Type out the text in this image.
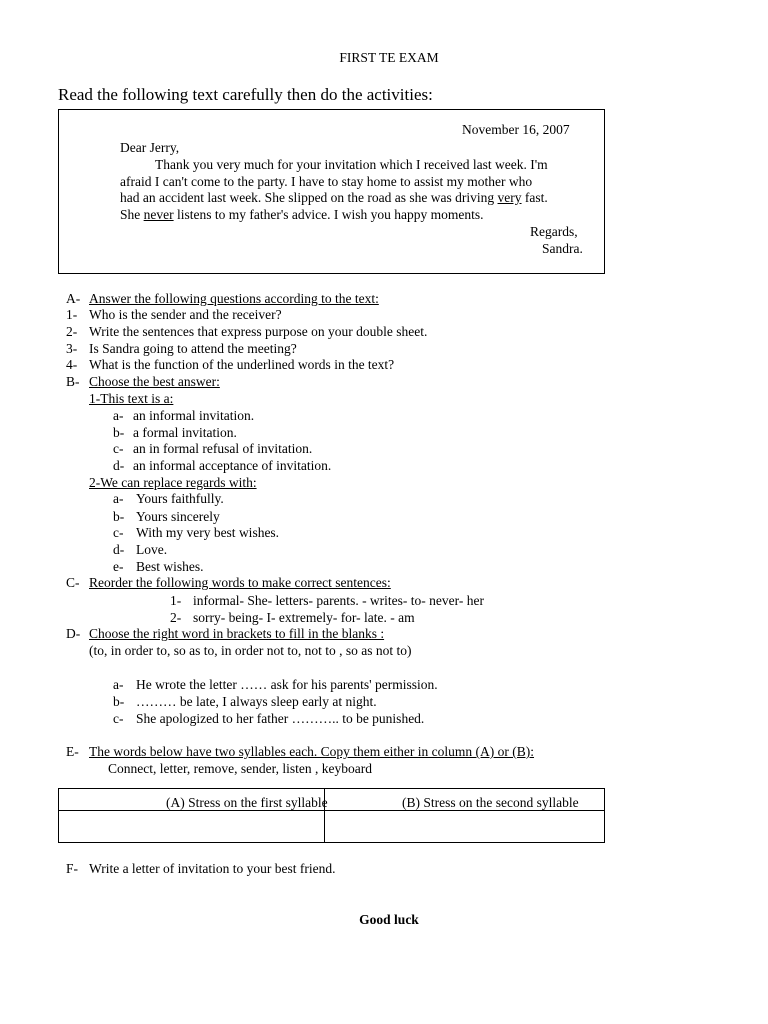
FIRST TE EXAM
Read the following text carefully then do the activities:
November 16, 2007
Dear Jerry,
Thank you very much for your invitation which I received last week. I'm
afraid I can't come to the party. I have to stay home to assist my mother who
had an accident last week. She slipped on the road as she was driving very fast.
She never listens to my father's advice. I wish you happy moments.
Regards,
Sandra.
A- Answer the following questions according to the text:
1- Who is the sender and the receiver?
2- Write the sentences that express purpose on your double sheet.
3- Is Sandra going to attend the meeting?
4- What is the function of the underlined words in the text?
B- Choose the best answer:
1-This text is a:
a- an informal invitation.
b- a formal invitation.
c- an in formal refusal of invitation.
d- an informal acceptance of invitation.
2-We can replace regards with:
a- Yours faithfully.
b- Yours sincerely
c- With my very best wishes.
d- Love.
e- Best wishes.
C- Reorder the following words to make correct sentences:
1- informal- She- letters- parents. - writes- to- never- her
2- sorry- being- I- extremely- for- late. - am
D- Choose the right word in brackets to fill in the blanks :
(to, in order to, so as to, in order not to, not to , so as not to)
a- He wrote the letter …… ask for his parents' permission.
b- ……… be late, I always sleep early at night.
c- She apologized to her father ……….. to be punished.
E- The words below have two syllables each. Copy them either in column (A) or (B):
Connect, letter, remove, sender, listen , keyboard
(A) Stress on the first syllable	(B) Stress on the second syllable
F- Write a letter of invitation to your best friend.
Good luck
